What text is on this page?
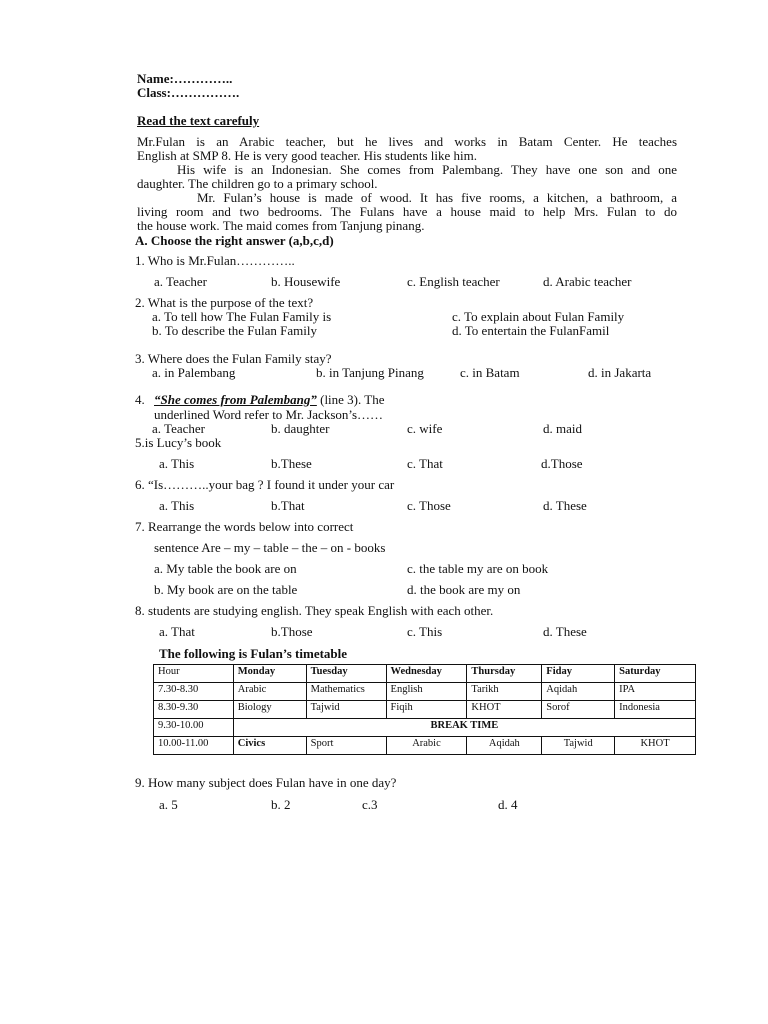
Name:…………..
Class:…………….
Read the text carefuly
Mr.Fulan is an Arabic teacher, but he lives and works in Batam Center. He teaches
English at SMP 8. He is very good teacher. His students like him.
His wife is an Indonesian. She comes from Palembang. They have one son and one
daughter. The children go to a primary school.
Mr. Fulan’s house is made of wood. It has five rooms, a kitchen, a bathroom, a
living room and two bedrooms. The Fulans have a house maid to help Mrs. Fulan to do
the house work. The maid comes from Tanjung pinang.
A. Choose the right answer (a,b,c,d)
1. Who is Mr.Fulan…………..
a. Teacher	b. Housewife	c. English teacher	d. Arabic teacher
2. What is the purpose of the text?
a. To tell how The Fulan Family is	c. To explain about Fulan Family
b. To describe the Fulan Family	d. To entertain the FulanFamil
3. Where does the Fulan Family stay?
a. in Palembang	b. in Tanjung Pinang	c. in Batam	d. in Jakarta
4. “She comes from Palembang” (line 3). The
underlined Word refer to Mr. Jackson’s……
a. Teacher	b. daughter	c. wife	d. maid
5.is Lucy’s book
a. This	b.These	c. That	d.Those
6. “Is………..your bag ? I found it under your car
a. This	b.That	c. Those	d. These
7. Rearrange the words below into correct
sentence Are – my – table – the – on - books
a. My table the book are on	c. the table my are on book
b. My book are on the table	d. the book are my on
8. students are studying english. They speak English with each other.
a. That	b.Those	c. This	d. These
The following is Fulan’s timetable
Hour	Monday	Tuesday	Wednesday	Thursday	Fiday	Saturday
7.30-8.30	Arabic	Mathematics	English	Tarikh	Aqidah	IPA
8.30-9.30	Biology	Tajwid	Fiqih	KHOT	Sorof	Indonesia
9.30-10.00	BREAK TIME					
10.00-11.00	Civics	Sport	Arabic	Aqidah	Tajwid	KHOT
9. How many subject does Fulan have in one day?
a. 5	b. 2	c.3	d. 4
